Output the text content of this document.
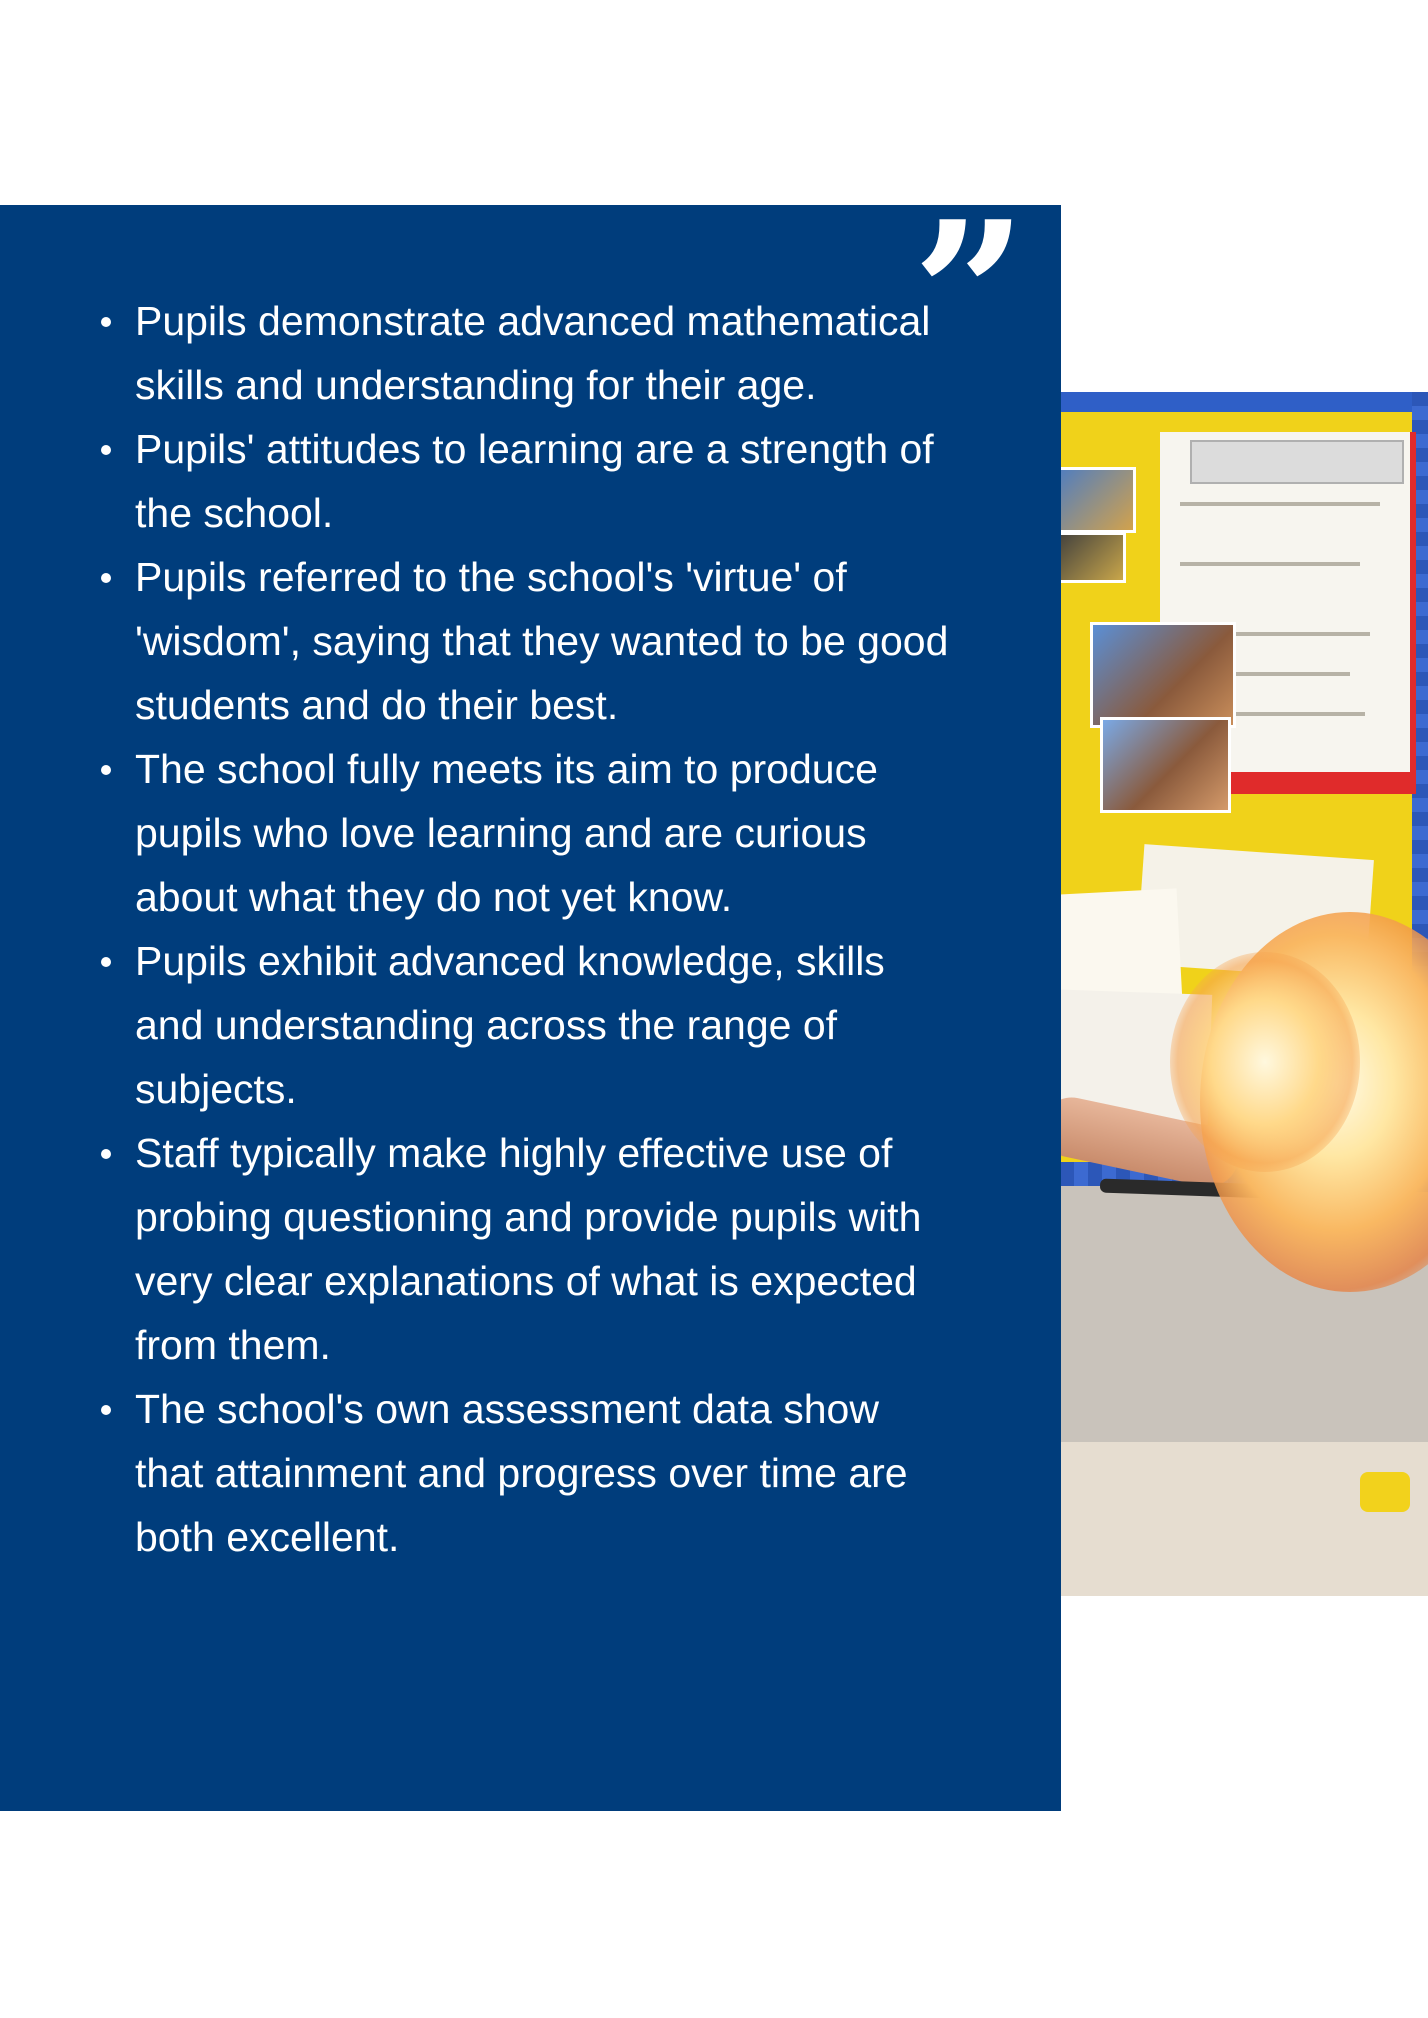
”
Pupils demonstrate advanced mathematical skills and understanding for their age.
Pupils' attitudes to learning are a strength of the school.
Pupils referred to the school's 'virtue' of 'wisdom', saying that they wanted to be good students and do their best.
The school fully meets its aim to produce pupils who love learning and are curious about what they do not yet know.
Pupils exhibit advanced knowledge, skills and understanding across the range of subjects.
Staff typically make highly effective use of probing questioning and provide pupils with very clear explanations of what is expected from them.
The school's own assessment data show that attainment and progress over time are both excellent.
